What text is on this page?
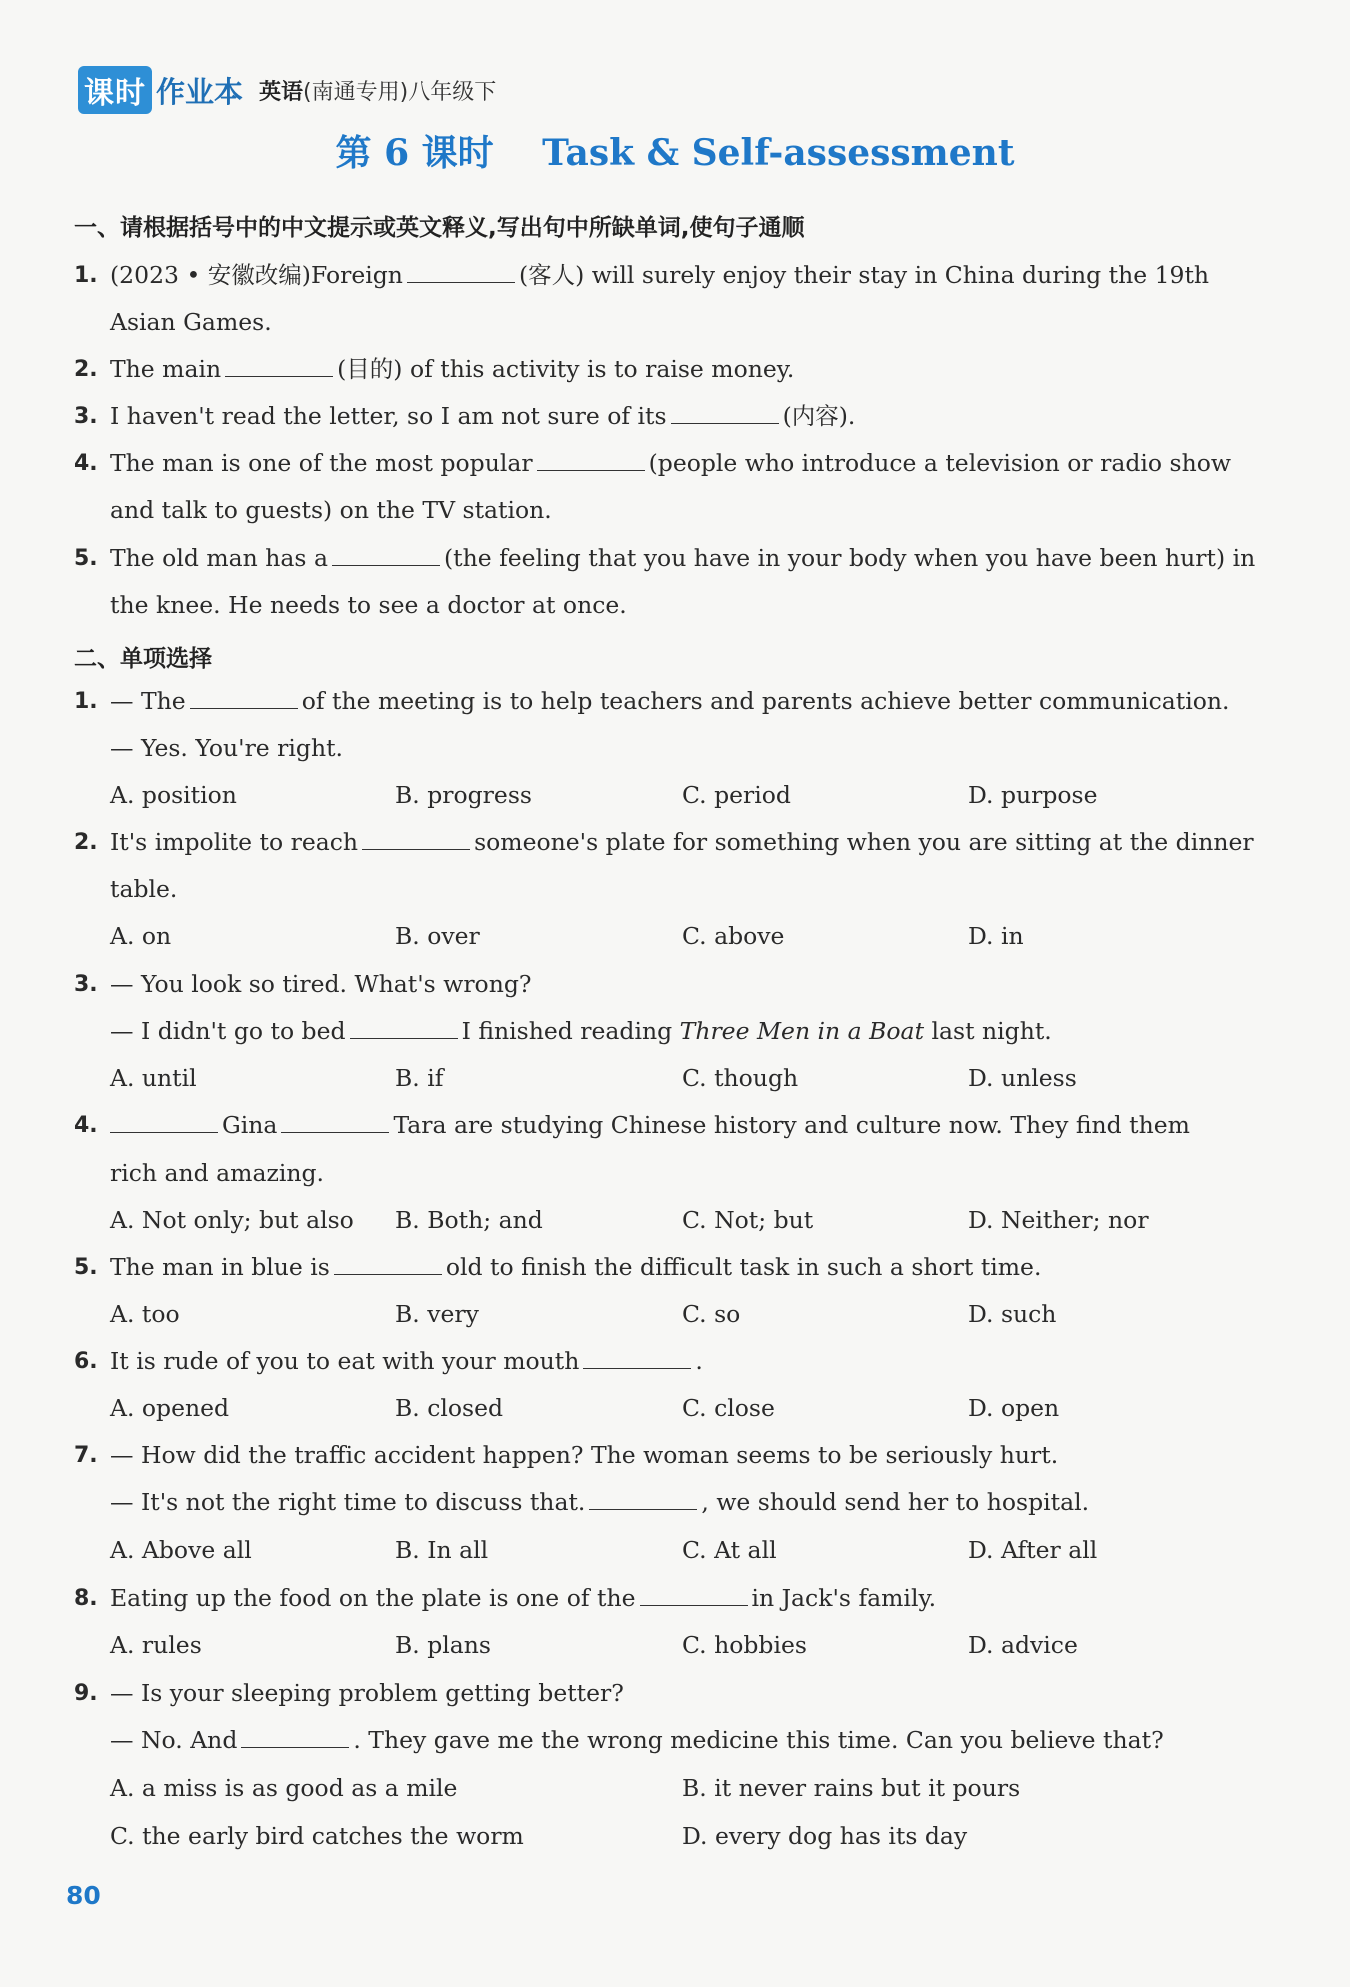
课时 作业本 英语(南通专用)八年级下
第 6 课时　 Task & Self-assessment
一、请根据括号中的中文提示或英文释义,写出句中所缺单词,使句子通顺
1. (2023 • 安徽改编)Foreign	(客人) will surely enjoy their stay in China during the 19th
Asian Games.
2. The main	(目的) of this activity is to raise money.
3. I haven't read the letter, so I am not sure of its	(内容).
4. The man is one of the most popular	(people who introduce a television or radio show
and talk to guests) on the TV station.
5. The old man has a	(the feeling that you have in your body when you have been hurt) in
the knee. He needs to see a doctor at once.
二、单项选择
1. — The	of the meeting is to help teachers and parents achieve better communication.
— Yes. You're right.
A. position	B. progress	C. period	D. purpose
2. It's impolite to reach	someone's plate for something when you are sitting at the dinner
table.
A. on	B. over	C. above	D. in
3. — You look so tired. What's wrong?
— I didn't go to bed	I finished reading Three Men in a Boat last night.
A. until	B. if	C. though	D. unless
4.	Gina	Tara are studying Chinese history and culture now. They find them
rich and amazing.
A. Not only; but also B. Both; and	C. Not; but	D. Neither; nor
5. The man in blue is	old to finish the difficult task in such a short time.
A. too	B. very	C. so	D. such
6. It is rude of you to eat with your mouth	.
A. opened	B. closed	C. close	D. open
7. — How did the traffic accident happen? The woman seems to be seriously hurt.
— It's not the right time to discuss that.	, we should send her to hospital.
A. Above all	B. In all	C. At all	D. After all
8. Eating up the food on the plate is one of the	in Jack's family.
A. rules	B. plans	C. hobbies	D. advice
9. — Is your sleeping problem getting better?
— No. And	. They gave me the wrong medicine this time. Can you believe that?
A. a miss is as good as a mile	B. it never rains but it pours
C. the early bird catches the worm	D. every dog has its day
80
